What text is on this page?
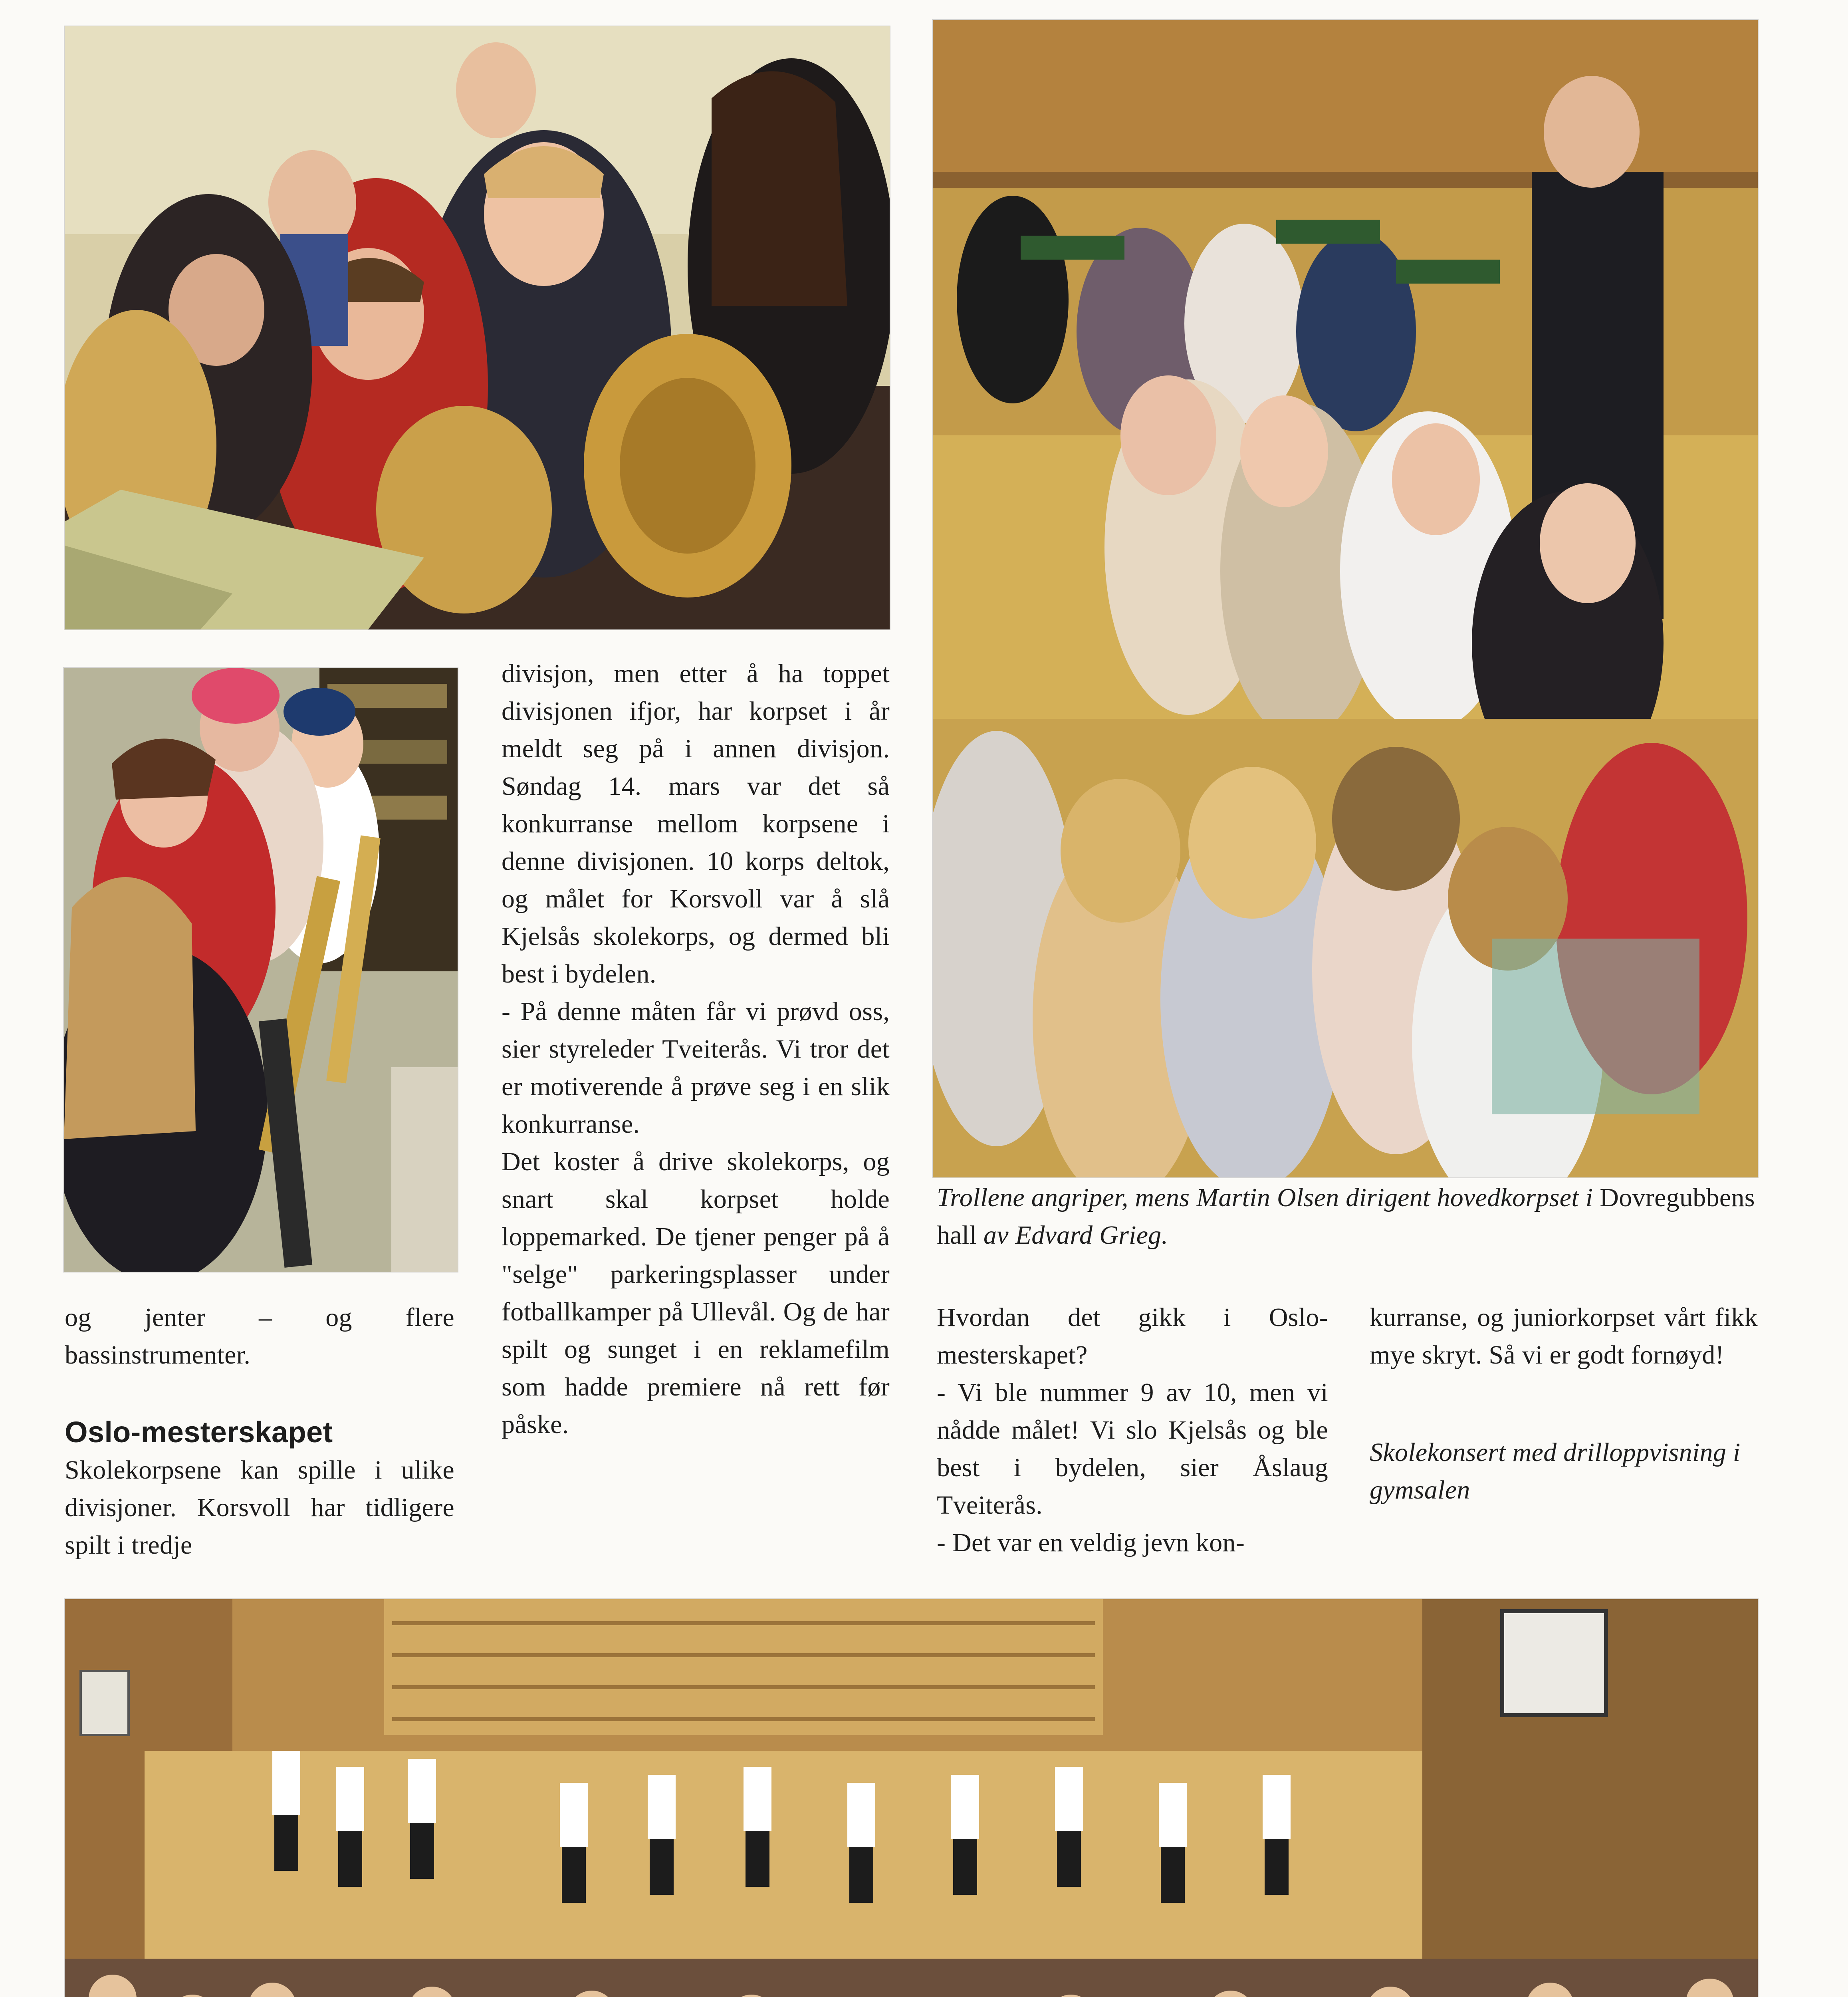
og jenter – og flere bassinstrumenter.

Oslo-mesterskapet

Skolekorpsene kan spille i ulike divisjoner. Korsvoll har tidligere spilt i tredje

divisjon, men etter å ha toppet divisjonen ifjor, har korpset i år meldt seg på i annen divisjon. Søndag 14. mars var det så konkurranse mellom korpsene i denne divisjonen. 10 korps deltok, og målet for Korsvoll var å slå Kjelsås skolekorps, og dermed bli best i bydelen.

- På denne måten får vi prøvd oss, sier styreleder Tveiterås. Vi tror det er motiverende å prøve seg i en slik konkurranse.

Det koster å drive skolekorps, og snart skal korpset holde loppemarked. De tjener penger på å "selge" parkeringsplasser under fotballkamper på Ullevål. Og de har spilt og sunget i en reklamefilm som hadde premiere nå rett før påske.

Trollene angriper, mens Martin Olsen dirigent hovedkorpset i Dovregubbens hall av Edvard Grieg.

Hvordan det gikk i Oslo-mesterskapet?

- Vi ble nummer 9 av 10, men vi nådde målet! Vi slo Kjelsås og ble best i bydelen, sier Åslaug Tveiterås.

- Det var en veldig jevn kon-

kurranse, og juniorkorpset vårt fikk mye skryt. Så vi er godt fornøyd!

Skolekonsert med drilloppvisning i gymsalen
